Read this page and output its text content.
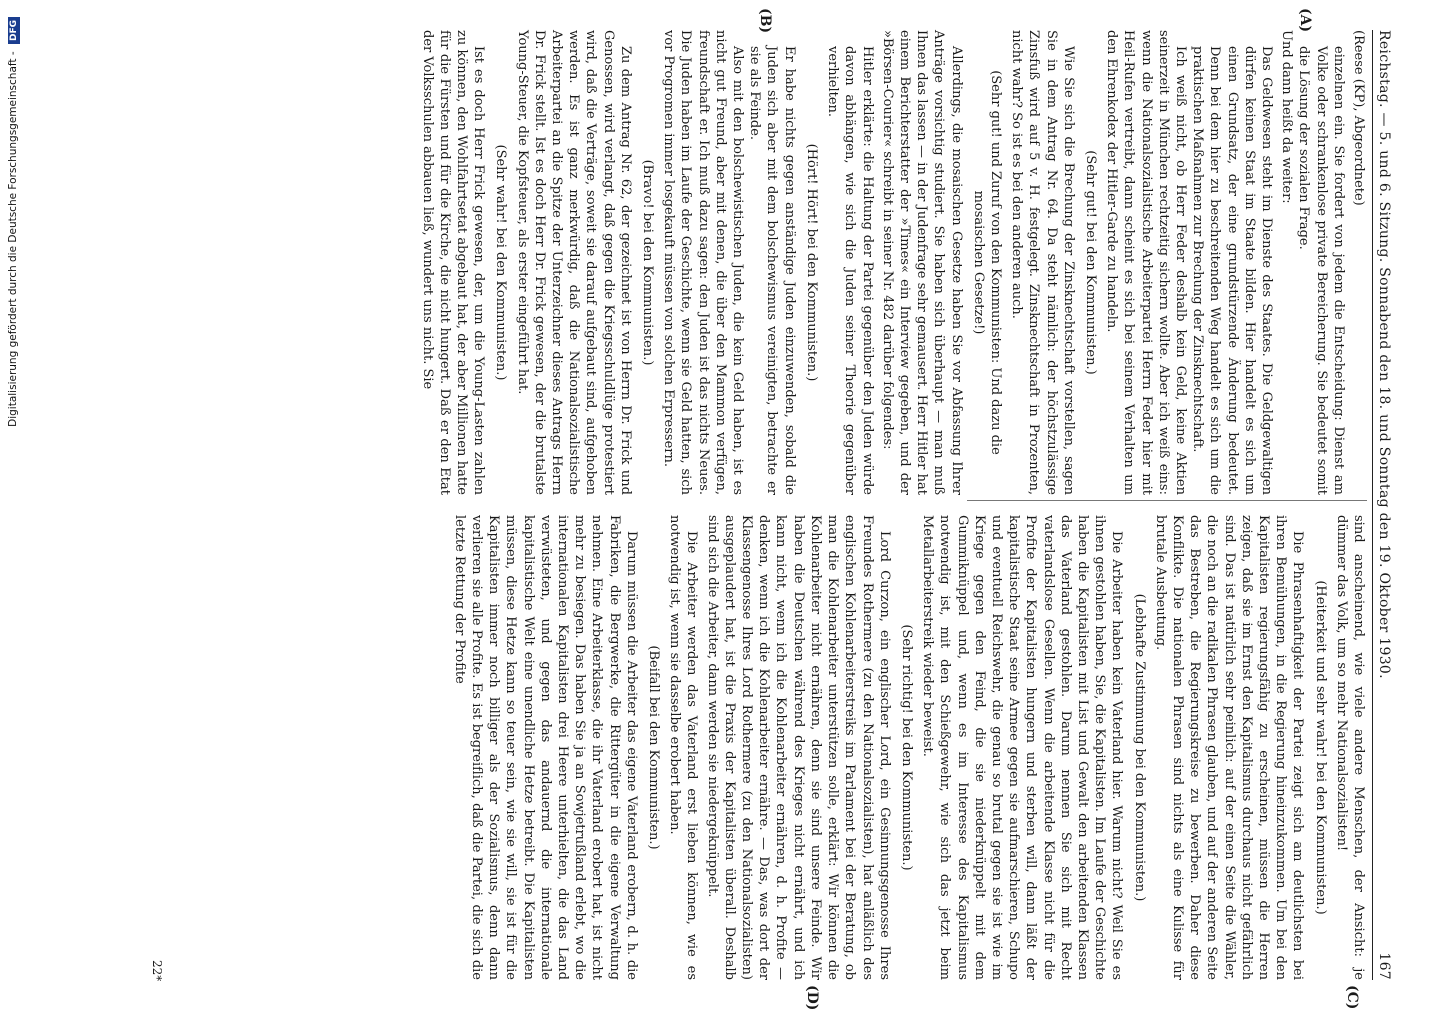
Digitalisierung gefördert durch die Deutsche Forschungsgemeinschaft - DFG	Reichstag. — 5. und 6. Sitzung. Sonnabend den 18. und Sonntag den 19. Oktober 1930.
167
(A)
(B)
(C)
(D)

(Reese (KP), Abgeordnete)

einzelnen ein. Sie fordert von jedem die Entscheidung: Dienst am Volke oder schrankenlose private Bereicherung. Sie bedeutet somit die Lösung der sozialen Frage.

Und dann heißt da weiter:

Das Geldwesen steht im Dienste des Staates. Die Geldgewaltigen dürfen keinen Staat im Staate bilden. Hier handelt es sich um einen Grundsatz, der eine grundstürzende Änderung bedeutet. Denn bei dem hier zu beschreitenden Weg handelt es sich um die praktischen Maßnahmen zur Brechung der Zinsknechtschaft.

Ich weiß nicht, ob Herr Feder deshalb kein Geld, keine Aktien seinerzeit in München rechtzeitig sichern wollte. Aber ich weiß eins: wenn die Nationalsozialistische Arbeiterpartei Herrn Feder hier mit Heil-Rufen vertreibt, dann scheint es sich bei seinem Verhalten um den Ehrenkodex der Hitler-Garde zu handeln.

(Sehr gut! bei den Kommunisten.)

Wie Sie sich die Brechung der Zinsknechtschaft vorstellen, sagen Sie in dem Antrag Nr. 64. Da steht nämlich: der höchstzulässige Zinsfuß wird auf 5 v. H. festgelegt. Zinsknechtschaft in Prozenten, nicht wahr? So ist es bei den anderen auch.

(Sehr gut! und Zuruf von den Kommunisten: Und dazu die mosaischen Gesetze!)

Allerdings, die mosaischen Gesetze haben Sie vor Abfassung Ihrer Anträge vorsichtig studiert. Sie haben sich überhaupt — man muß Ihnen das lassen — in der Judenfrage sehr gemausert. Herr Hitler hat einem Berichterstatter der »Times« ein Interview gegeben, und der »Börsen-Courier« schreibt in seiner Nr. 482 darüber folgendes:

Hitler erklärte: die Haltung der Partei gegenüber den Juden würde davon abhängen, wie sich die Juden seiner Theorie gegenüber verhielten.

(Hört! Hört! bei den Kommunisten.)

Er habe nichts gegen anständige Juden einzuwenden, sobald die Juden sich aber mit dem bolschewismus vereinigten, betrachte er sie als Feinde.

Also mit den bolschewistischen Juden, die kein Geld haben, ist es nicht gut Freund, aber mit denen, die über den Mammon verfügen, freundschaft er. Ich muß dazu sagen: den Juden ist das nichts Neues. Die Juden haben im Laufe der Geschichte, wenn sie Geld hatten, sich vor Progromen immer losgekauft müssen von solchen Erpressern.

(Bravo! bei den Kommunisten.)

Zu dem Antrag Nr. 62, der gezeichnet ist von Herrn Dr. Frick und Genossen, wird verlangt, daß gegen die Kriegsschuldlüge protestiert wird, daß die Verträge, soweit sie darauf aufgebaut sind, aufgehoben werden. Es ist ganz merkwürdig, daß die Nationalsozialistische Arbeiterpartei an die Spitze der Unterzeichner dieses Antrags Herrn Dr. Frick stellt. Ist es doch Herr Dr. Frick gewesen, der die brutalste Young-Steuer, die Kopfsteuer, als erster eingeführt hat.

(Sehr wahr! bei den Kommunisten.)

Ist es doch Herr Frick gewesen, der, um die Young-Lasten zahlen zu können, den Wohlfahrtsetat abgebaut hat, der aber Millionen hatte für die Fürsten und für die Kirche, die nicht hungert. Daß er den Etat der Volksschulen abbauen ließ, wundert uns nicht. Sie

sind anscheinend, wie viele andere Menschen, der Ansicht: je dümmer das Volk, um so mehr Nationalsozialisten!

(Heiterkeit und sehr wahr! bei den Kommunisten.)

Die Phrasenhaftigkeit der Partei zeigt sich am deutlichsten bei ihren Bemühungen, in die Regierung hineinzukommen. Um bei den Kapitalisten regierungsfähig zu erscheinen, müssen die Herren zeigen, daß sie im Ernst den Kapitalismus durchaus nicht gefährlich sind. Das ist natürlich sehr peinlich: auf der einen Seite die Wähler, die noch an die radikalen Phrasen glauben, und auf der anderen Seite das Bestreben, die Regierungskreise zu bewerben. Daher diese Konflikte. Die nationalen Phrasen sind nichts als eine Kulisse für brutale Ausbeutung.

(Lebhafte Zustimmung bei den Kommunisten.)

Die Arbeiter haben kein Vaterland hier. Warum nicht? Weil Sie es ihnen gestohlen haben, Sie, die Kapitalisten. Im Laufe der Geschichte haben die Kapitalisten mit List und Gewalt den arbeitenden Klassen das Vaterland gestohlen. Darum nennen Sie sich mit Recht vaterlandslose Gesellen. Wenn die arbeitende Klasse nicht für die Profite der Kapitalisten hungern und sterben will, dann läßt der kapitalistische Staat seine Armee gegen sie aufmarschieren, Schupo und eventuell Reichswehr, die genau so brutal gegen sie ist wie im Kriege gegen den Feind, die sie niederknüppelt mit dem Gummiknüppel und, wenn es im Interesse des Kapitalismus notwendig ist, mit den Schießgewehr, wie sich das jetzt beim Metallarbeiterstreik wieder beweist.

(Sehr richtig! bei den Kommunisten.)

Lord Curzon, ein englischer Lord, ein Gesinnungsgenosse Ihres Freundes Rothermere (zu den Nationalsozialisten), hat anläßlich des englischen Kohlenarbeiterstreiks im Parlament bei der Beratung, ob man die Kohlenarbeiter unterstützen solle, erklärt: Wir können die Kohlenarbeiter nicht ernähren, denn sie sind unsere Feinde. Wir haben die Deutschen während des Krieges nicht ernährt, und ich kann nicht, wenn ich die Kohlenarbeiter ernähren, d. h. Profite — denken, wenn ich die Kohlenarbeiter ernähre. — Das, was dort der Klassengenosse Ihres Lord Rothermere (zu den Nationalsozialisten) ausgeplaudert hat, ist die Praxis der Kapitalisten überall. Deshalb sind sich die Arbeiter, dann werden sie niedergeknüppelt.

Die Arbeiter werden das Vaterland erst lieben können, wie es notwendig ist, wenn sie dasselbe erobert haben.

(Beifall bei den Kommunisten.)

Darum müssen die Arbeiter das eigene Vaterland erobern, d. h. die Fabriken, die Bergwerke, die Rittergüter in die eigene Verwaltung nehmen. Eine Arbeiterklasse, die ihr Vaterland erobert hat, ist nicht mehr zu besiegen. Das haben Sie ja an Sowjetrußland erlebt, wo die internationalen Kapitalisten drei Heere unterhielten, die das Land verwüsteten, und gegen das andauernd die internationale kapitalistische Welt eine unendliche Hetze betreibt. Die Kapitalisten müssen, diese Hetze kann so teuer sein, wie sie will, sie ist für die Kapitalisten immer noch billiger als der Sozialismus, denn dann verlieren sie alle Profite. Es ist begreiflich, daß die Partei, die sich die letzte Rettung der Profite

22*
